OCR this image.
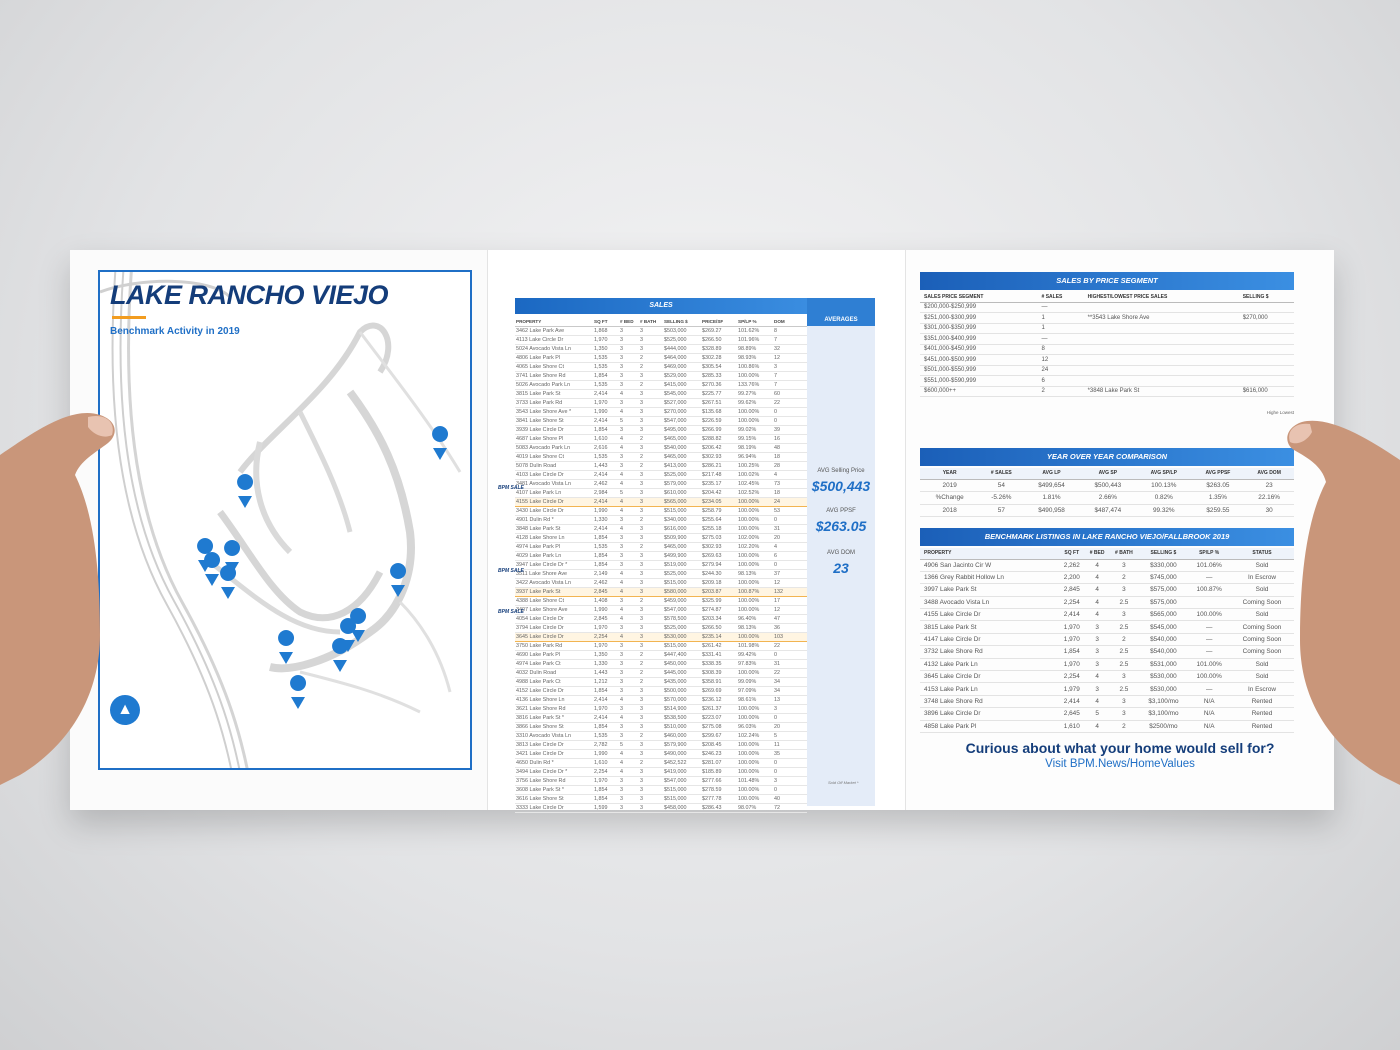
LAKE RANCHO VIEJO
Benchmark Activity in 2019
▲
SALES
AVERAGES
PROPERTY	SQ FT	# BED	# BATH	SELLING $	PRICE/SF	SP/LP %	DOM
3462 Lake Park Ave	1,868	3	3	$503,000	$269.27	101.62%	8
4113 Lake Circle Dr	1,970	3	3	$525,000	$266.50	101.96%	7
5024 Avocado Vista Ln	1,350	3	3	$444,000	$328.89	98.89%	32
4806 Lake Park Pl	1,535	3	2	$464,000	$302.28	98.93%	12
4065 Lake Shore Ct	1,535	3	2	$469,000	$305.54	100.86%	3
3741 Lake Shore Rd	1,854	3	3	$529,000	$285.33	100.00%	7
5026 Avocado Park Ln	1,535	3	2	$415,000	$270.36	133.76%	7
3815 Lake Park St	2,414	4	3	$545,000	$225.77	99.27%	60
3733 Lake Park Rd	1,970	3	3	$527,000	$267.51	99.62%	22
3543 Lake Shore Ave *	1,990	4	3	$270,000	$135.68	100.00%	0
3841 Lake Shore St	2,414	5	3	$547,000	$226.59	100.00%	0
3939 Lake Circle Dr	1,854	3	3	$495,000	$266.99	99.02%	39
4687 Lake Shore Pl	1,610	4	2	$465,000	$288.82	99.15%	16
5083 Avocado Park Ln	2,616	4	3	$540,000	$206.42	98.19%	48
4019 Lake Shore Ct	1,535	3	2	$465,000	$302.93	96.94%	18
5078 Dulin Road	1,443	3	2	$413,000	$286.21	100.25%	28
4103 Lake Circle Dr	2,414	4	3	$525,000	$217.48	100.02%	4
3481 Avocado Vista Ln	2,462	4	3	$579,000	$235.17	102.45%	73
4107 Lake Park Ln	2,984	5	3	$610,000	$204.42	102.52%	18
4155 Lake Circle Dr	2,414	4	3	$565,000	$234.05	100.00%	24
3430 Lake Circle Dr	1,990	4	3	$515,000	$258.79	100.00%	53
4901 Dulin Rd *	1,330	3	2	$340,000	$255.64	100.00%	0
3848 Lake Park St	2,414	4	3	$616,000	$255.18	100.00%	31
4128 Lake Shore Ln	1,854	3	3	$509,900	$275.03	102.00%	20
4974 Lake Park Pl	1,535	3	2	$465,000	$302.93	102.20%	4
4029 Lake Park Ln	1,854	3	3	$499,900	$269.63	100.00%	6
3947 Lake Circle Dr *	1,854	3	3	$519,000	$279.94	100.00%	0
3511 Lake Shore Ave	2,149	4	3	$525,000	$244.30	98.13%	37
3422 Avocado Vista Ln	2,462	4	3	$515,000	$209.18	100.00%	12
3937 Lake Park St	2,845	4	3	$580,000	$203.87	100.87%	132
4388 Lake Shore Ct	1,408	3	2	$459,000	$325.99	100.00%	17
3407 Lake Shore Ave	1,990	4	3	$547,000	$274.87	100.00%	12
4054 Lake Circle Dr	2,845	4	3	$578,500	$203.34	96.40%	47
3794 Lake Circle Dr	1,970	3	3	$525,000	$266.50	98.13%	36
3645 Lake Circle Dr	2,254	4	3	$530,000	$235.14	100.00%	103
3750 Lake Park Rd	1,970	3	3	$515,000	$261.42	101.98%	22
4690 Lake Park Pl	1,350	3	2	$447,400	$331.41	99.42%	0
4974 Lake Park Ct	1,330	3	2	$450,000	$338.35	97.83%	31
4032 Dulin Road	1,443	3	2	$445,000	$308.39	100.00%	22
4988 Lake Park Ct	1,212	3	2	$435,000	$358.91	99.09%	34
4152 Lake Circle Dr	1,854	3	3	$500,000	$269.69	97.09%	34
4136 Lake Shore Ln	2,414	4	3	$570,000	$236.12	98.61%	13
3621 Lake Shore Rd	1,970	3	3	$514,900	$261.37	100.00%	3
3816 Lake Park St *	2,414	4	3	$538,500	$223.07	100.00%	0
3866 Lake Shore St	1,854	3	3	$510,000	$275.08	96.03%	20
3310 Avocado Vista Ln	1,535	3	2	$460,000	$299.67	102.24%	5
3813 Lake Circle Dr	2,782	5	3	$579,900	$208.45	100.00%	11
3421 Lake Circle Dr	1,990	4	3	$490,000	$246.23	100.00%	35
4650 Dulin Rd *	1,610	4	2	$452,522	$281.07	100.00%	0
3494 Lake Circle Dr *	2,254	4	3	$419,000	$185.89	100.00%	0
3756 Lake Shore Rd	1,970	3	3	$547,000	$277.66	101.48%	3
3608 Lake Park St *	1,854	3	3	$515,000	$278.59	100.00%	0
3616 Lake Shore St	1,854	3	3	$515,000	$277.78	100.00%	40
3333 Lake Circle Dr	1,599	3	3	$458,000	$286.43	98.07%	72
BPM SALE
BPM SALE
BPM SALE
AVG Selling Price
$500,443
AVG PPSF
$263.05
AVG DOM
23
Sold Off Market *
SALES BY PRICE SEGMENT
SALES PRICE SEGMENT	# SALES	HIGHEST/LOWEST PRICE SALES	SELLING $
$200,000-$250,999	—		
$251,000-$300,999	1	**3543 Lake Shore Ave	$270,000
$301,000-$350,999	1		
$351,000-$400,999	—		
$401,000-$450,999	8		
$451,000-$500,999	12		
$501,000-$550,999	24		
$551,000-$590,999	6		
$600,000++	2	*3848 Lake Park St	$616,000
Highe Lowest
YEAR OVER YEAR COMPARISON
YEAR	# SALES	AVG LP	AVG SP	AVG SP/LP	AVG PPSF	AVG DOM
2019	54	$499,654	$500,443	100.13%	$263.05	23
%Change	-5.26%	1.81%	2.66%	0.82%	1.35%	22.16%
2018	57	$490,958	$487,474	99.32%	$259.55	30
BENCHMARK LISTINGS IN LAKE RANCHO VIEJO/FALLBROOK 2019
PROPERTY	SQ FT	# BED	# BATH	SELLING $	SP/LP %	STATUS
4906 San Jacinto Cir W	2,262	4	3	$330,000	101.06%	Sold
1366 Grey Rabbit Hollow Ln	2,200	4	2	$745,000	—	In Escrow
3997 Lake Park St	2,845	4	3	$575,000	100.87%	Sold
3488 Avocado Vista Ln	2,254	4	2.5	$575,000		Coming Soon
4155 Lake Circle Dr	2,414	4	3	$565,000	100.00%	Sold
3815 Lake Park St	1,970	3	2.5	$545,000	—	Coming Soon
4147 Lake Circle Dr	1,970	3	2	$540,000	—	Coming Soon
3732 Lake Shore Rd	1,854	3	2.5	$540,000	—	Coming Soon
4132 Lake Park Ln	1,970	3	2.5	$531,000	101.00%	Sold
3645 Lake Circle Dr	2,254	4	3	$530,000	100.00%	Sold
4153 Lake Park Ln	1,979	3	2.5	$530,000	—	In Escrow
3748 Lake Shore Rd	2,414	4	3	$3,100/mo	N/A	Rented
3896 Lake Circle Dr	2,645	5	3	$3,100/mo	N/A	Rented
4858 Lake Park Pl	1,610	4	2	$2500/mo	N/A	Rented
Curious about what your home would sell for?
Visit BPM.News/HomeValues
